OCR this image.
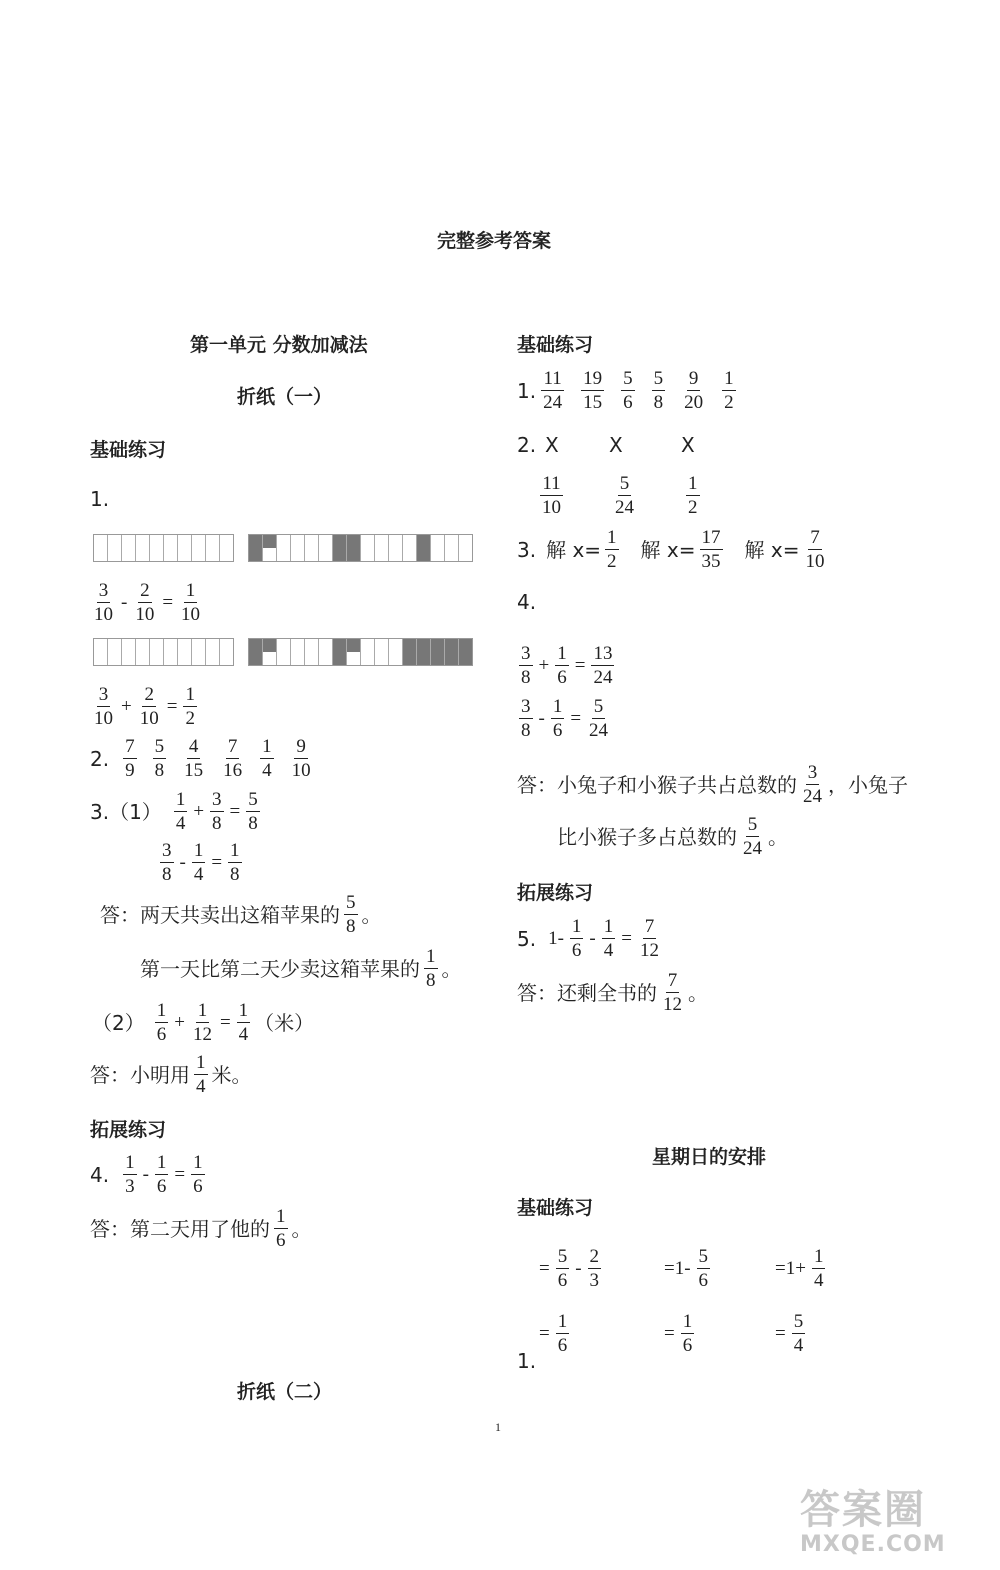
完整参考答案
第一单元 分数加减法
折纸（一）
基础练习
1.
$\frac{3}{10} - \frac{2}{10} = \frac{1}{10}$
$\frac{3}{10} + \frac{2}{10} = \frac{1}{2}$
2. $\frac{7}{9} \frac{5}{8} \frac{4}{15} \frac{7}{16} \frac{1}{4} \frac{9}{10}$
$3.(1) \frac{1}{4} + \frac{3}{8} = \frac{5}{8}$
$\frac{3}{8} - \frac{1}{4} = \frac{1}{8}$
答：两天共卖出这箱苹果的 $\frac{5}{8}$ 。
第一天比第二天少卖这箱苹果的 $\frac{1}{8}$ 。
$(2) \frac{1}{6} + \frac{1}{12} = \frac{1}{4}$ （米）
答：小明用 $\frac{1}{4}$ 米。
拓展练习
4. $\frac{1}{3} - \frac{1}{6} = \frac{1}{6}$
答：第二天用了他的 $\frac{1}{6}$ 。
折纸（二）
基础练习
1. $\frac{11}{24} \frac{19}{15} \frac{5}{6} \frac{5}{8} \frac{9}{20} \frac{1}{2}$
2. X	X	X
$\frac{11}{10}$	$\frac{5}{24}$	$\frac{1}{2}$
3. 解 $x= \frac{1}{2}$ 解 $x= \frac{17}{35}$ 解 $x= \frac{7}{10}$
4.
$\frac{3}{8} + \frac{1}{6} = \frac{13}{24}$
$\frac{3}{8} - \frac{1}{6} = \frac{5}{24}$
答：小兔子和小猴子共占总数的 $\frac{3}{24}$ ，小兔子
比小猴子多占总数的 $\frac{5}{24}$ 。
拓展练习
5. $1- \frac{1}{6} - \frac{1}{4} = \frac{7}{12}$
答：还剩全书的 $\frac{7}{12}$ 。
星期日的安排
基础练习
= $\frac{5}{6} - \frac{2}{3}$	$=1- \frac{5}{6}$	$=1+ \frac{1}{4}$
= $\frac{1}{6}$	= $\frac{1}{6}$	= $\frac{5}{4}$
1.
1
答案圈
MXQE.COM
